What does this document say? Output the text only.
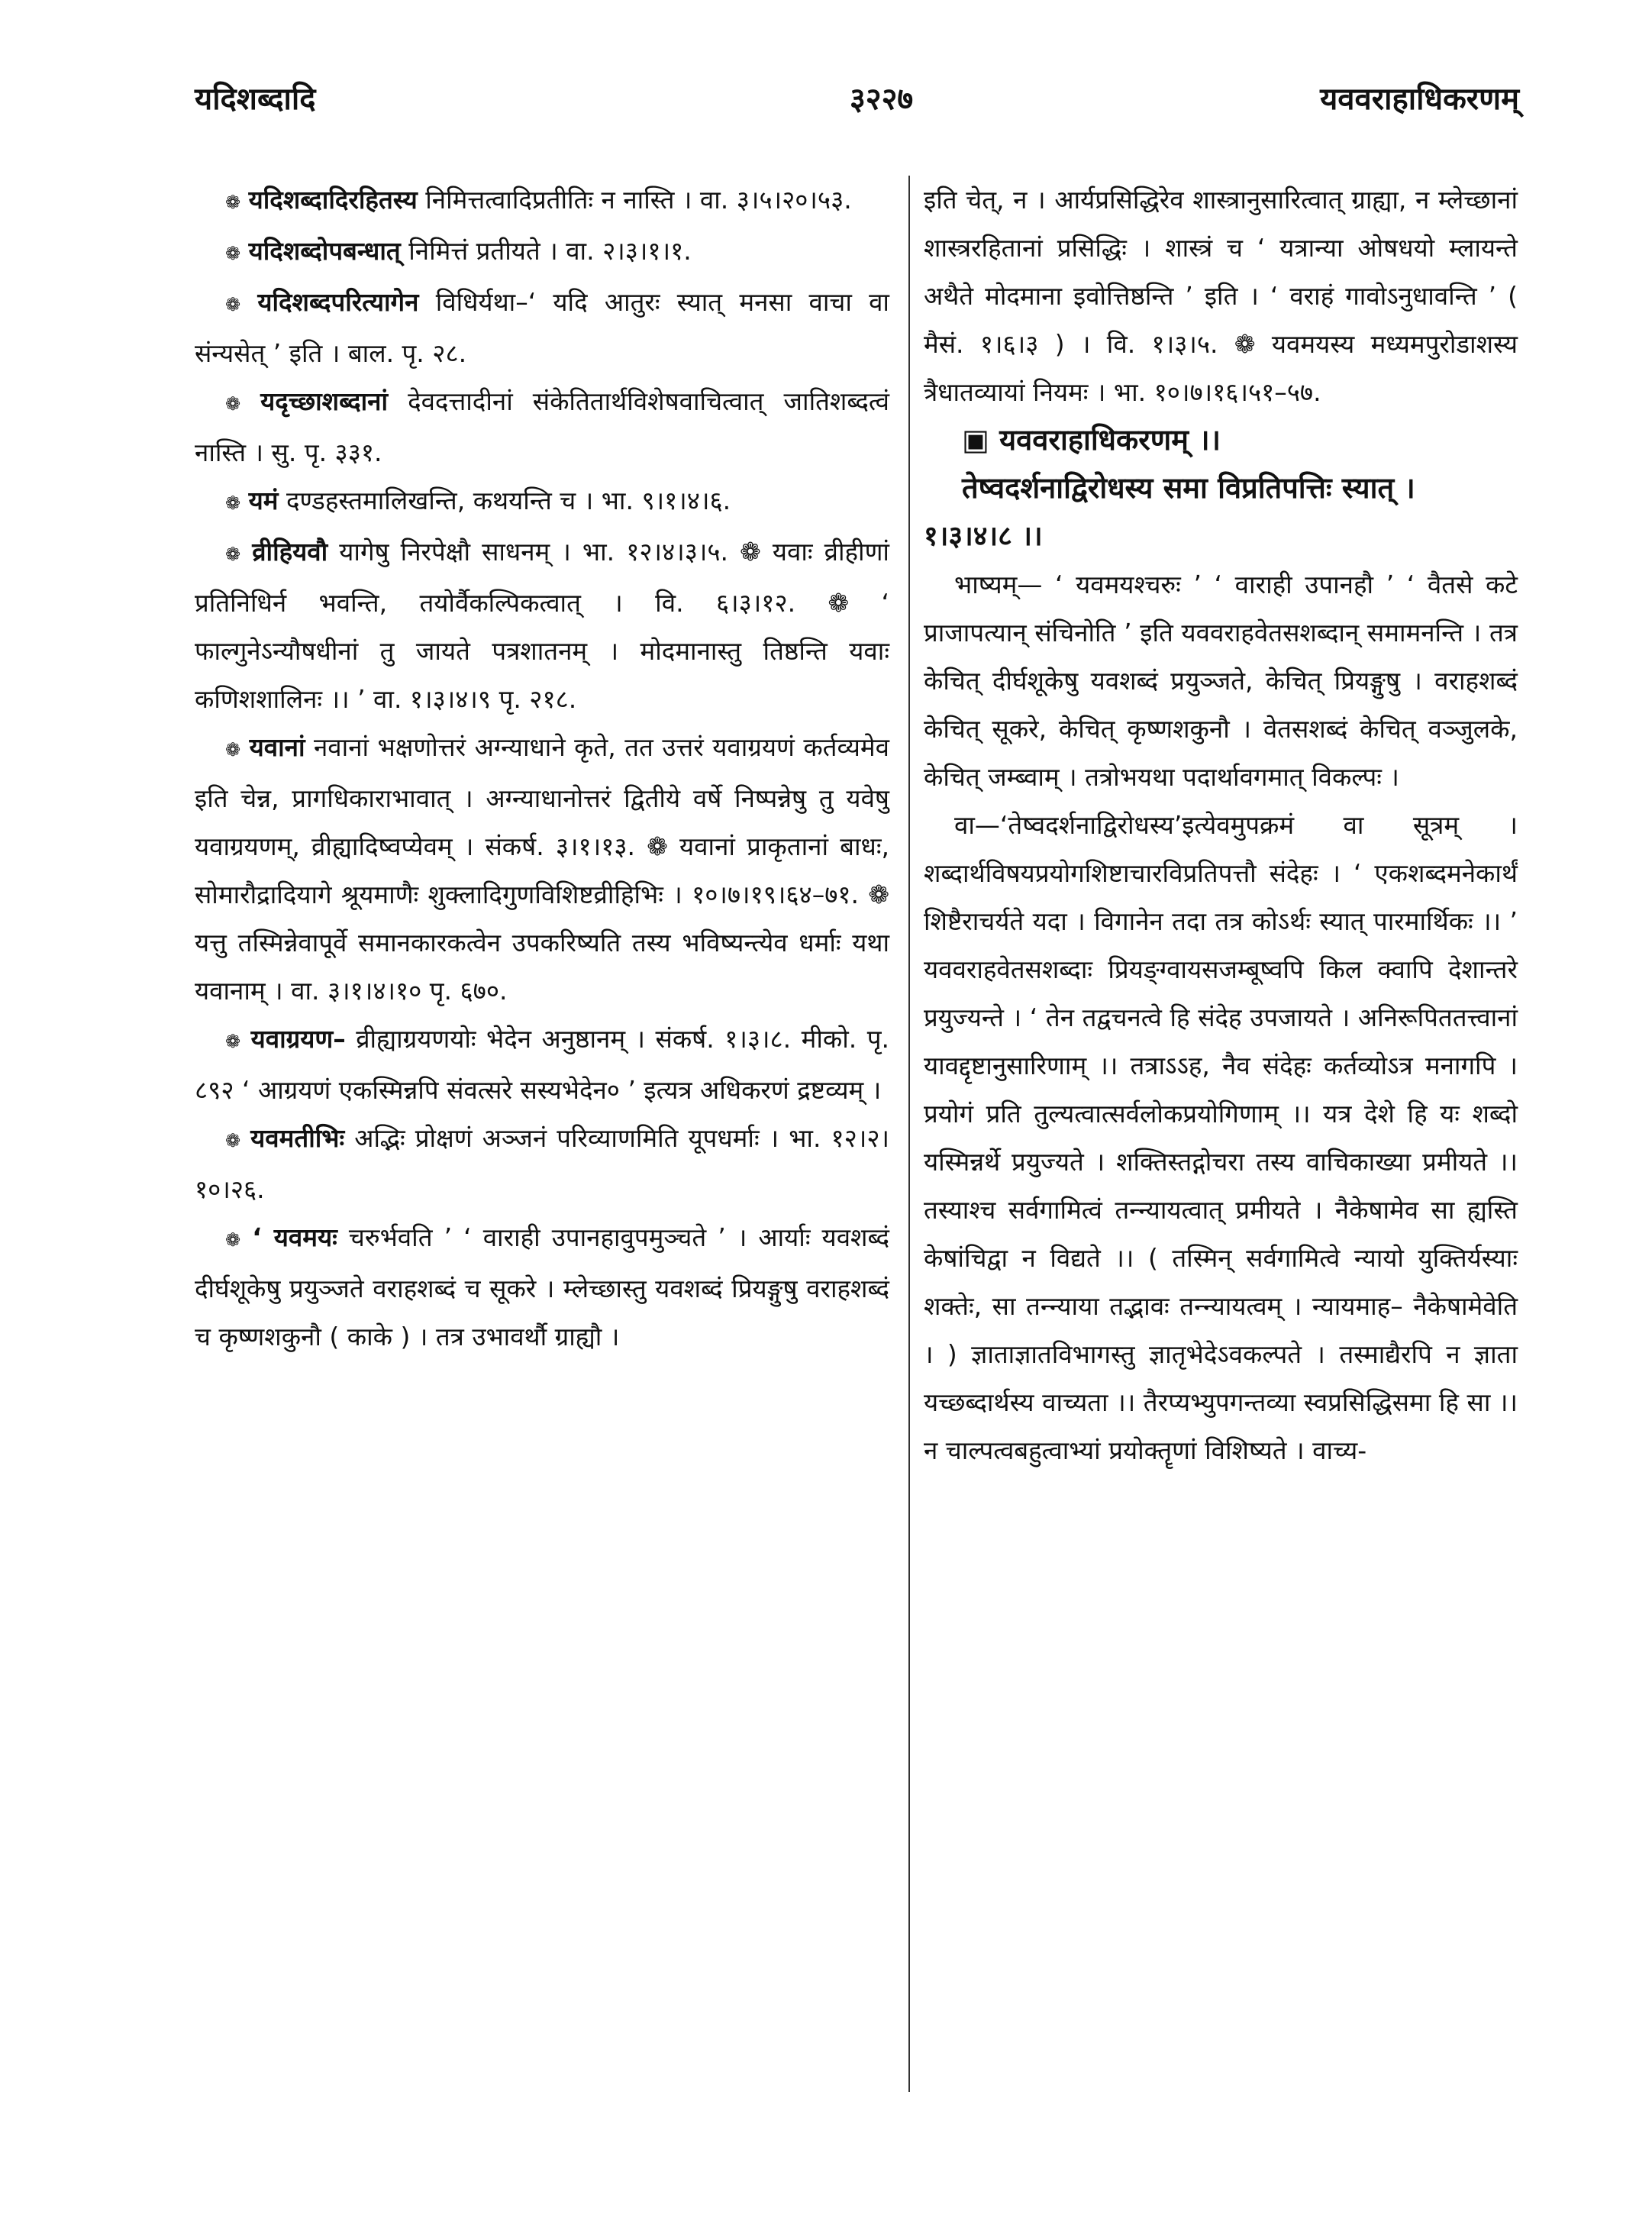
यदिशब्दादि	३२२७	यववराहाधिकरणम्

❁ यदिशब्दादिरहितस्य निमित्तत्वादिप्रतीतिः न नास्ति । वा. ३।५।२०।५३.

❁ यदिशब्दोपबन्धात् निमित्तं प्रतीयते । वा. २।३।१।१.

❁ यदिशब्दपरित्यागेन विधिर्यथा–‘ यदि आतुरः स्यात् मनसा वाचा वा संन्यसेत् ’ इति । बाल. पृ. २८.

❁ यदृच्छाशब्दानां देवदत्तादीनां संकेतितार्थविशेषवाचित्वात् जातिशब्दत्वं नास्ति । सु. पृ. ३३१.

❁ यमं दण्डहस्तमालिखन्ति, कथयन्ति च । भा. ९।१।४।६.

❁ व्रीहियवौ यागेषु निरपेक्षौ साधनम् । भा. १२।४।३।५. ❁ यवाः व्रीहीणां प्रतिनिधिर्न भवन्ति, तयोर्वैकल्पिकत्वात् । वि. ६।३।१२. ❁ ‘ फाल्गुनेऽन्यौषधीनां तु जायते पत्रशातनम् । मोदमानास्तु तिष्ठन्ति यवाः कणिशशालिनः ।। ’ वा. १।३।४।९ पृ. २१८.

❁ यवानां नवानां भक्षणोत्तरं अग्न्याधाने कृते, तत उत्तरं यवाग्रयणं कर्तव्यमेव इति चेन्न, प्रागधिकाराभावात् । अग्न्याधानोत्तरं द्वितीये वर्षे निष्पन्नेषु तु यवेषु यवाग्रयणम्, व्रीह्यादिष्वप्येवम् । संकर्ष. ३।१।१३. ❁ यवानां प्राकृतानां बाधः, सोमारौद्रादियागे श्रूयमाणैः शुक्लादिगुणविशिष्टव्रीहिभिः । १०।७।१९।६४–७१. ❁ यत्तु तस्मिन्नेवापूर्वे समानकारकत्वेन उपकरिष्यति तस्य भविष्यन्त्येव धर्माः यथा यवानाम् । वा. ३।१।४।१० पृ. ६७०.

❁ यवाग्रयण– व्रीह्याग्रयणयोः भेदेन अनुष्ठानम् । संकर्ष. १।३।८. मीको. पृ. ८९२ ‘ आग्रयणं एकस्मिन्नपि संवत्सरे सस्यभेदेन० ’ इत्यत्र अधिकरणं द्रष्टव्यम् ।

❁ यवमतीभिः अद्भिः प्रोक्षणं अञ्जनं परिव्याणमिति यूपधर्माः । भा. १२।२।१०।२६.

❁ ‘ यवमयः चरुर्भवति ’ ‘ वाराही उपानहावुपमुञ्चते ’ । आर्याः यवशब्दं दीर्घशूकेषु प्रयुञ्जते वराहशब्दं च सूकरे । म्लेच्छास्तु यवशब्दं प्रियङ्गुषु वराहशब्दं च कृष्णशकुनौ ( काके ) । तत्र उभावर्थौ ग्राह्यौ ।

इति चेत्, न । आर्यप्रसिद्धिरेव शास्त्रानुसारित्वात् ग्राह्या, न म्लेच्छानां शास्त्ररहितानां प्रसिद्धिः । शास्त्रं च ‘ यत्रान्या ओषधयो म्लायन्ते अथैते मोदमाना इवोत्तिष्ठन्ति ’ इति । ‘ वराहं गावोऽनुधावन्ति ’ ( मैसं. १।६।३ ) । वि. १।३।५. ❁ यवमयस्य मध्यमपुरोडाशस्य त्रैधातव्यायां नियमः । भा. १०।७।१६।५१–५७.

▣ यववराहाधिकरणम् ।।

तेष्वदर्शनाद्विरोधस्य समा विप्रतिपत्तिः स्यात् ।

१।३।४।८ ।।

भाष्यम्— ‘ यवमयश्चरुः ’ ‘ वाराही उपानहौ ’ ‘ वैतसे कटे प्राजापत्यान् संचिनोति ’ इति यववराहवेतसशब्दान् समामनन्ति । तत्र केचित् दीर्घशूकेषु यवशब्दं प्रयुञ्जते, केचित् प्रियङ्गुषु । वराहशब्दं केचित् सूकरे, केचित् कृष्णशकुनौ । वेतसशब्दं केचित् वञ्जुलके, केचित् जम्ब्वाम् । तत्रोभयथा पदार्थावगमात् विकल्पः ।

वा—‘तेष्वदर्शनाद्विरोधस्य’इत्येवमुपक्रमं वा सूत्रम् । शब्दार्थविषयप्रयोगशिष्टाचारविप्रतिपत्तौ संदेहः । ‘ एकशब्दमनेकार्थं शिष्टैराचर्यते यदा । विगानेन तदा तत्र कोऽर्थः स्यात् पारमार्थिकः ।। ’ यववराहवेतसशब्दाः प्रियङ्ग्वायसजम्बूष्वपि किल क्वापि देशान्तरे प्रयुज्यन्ते । ‘ तेन तद्वचनत्वे हि संदेह उपजायते । अनिरूपिततत्त्वानां यावद्दृष्टानुसारिणाम् ।। तत्राऽऽह, नैव संदेहः कर्तव्योऽत्र मनागपि । प्रयोगं प्रति तुल्यत्वात्सर्वलोकप्रयोगिणाम् ।। यत्र देशे हि यः शब्दो यस्मिन्नर्थे प्रयुज्यते । शक्तिस्तद्गोचरा तस्य वाचिकाख्या प्रमीयते ।। तस्याश्च सर्वगामित्वं तन्न्यायत्वात् प्रमीयते । नैकेषामेव सा ह्यस्ति केषांचिद्वा न विद्यते ।। ( तस्मिन् सर्वगामित्वे न्यायो युक्तिर्यस्याः शक्तेः, सा तन्न्याया तद्भावः तन्न्यायत्वम् । न्यायमाह– नैकेषामेवेति । ) ज्ञाताज्ञातविभागस्तु ज्ञातृभेदेऽवकल्पते । तस्माद्यैरपि न ज्ञाता यच्छब्दार्थस्य वाच्यता ।। तैरप्यभ्युपगन्तव्या स्वप्रसिद्धिसमा हि सा ।। न चाल्पत्वबहुत्वाभ्यां प्रयोक्तॄणां विशिष्यते । वाच्य-
